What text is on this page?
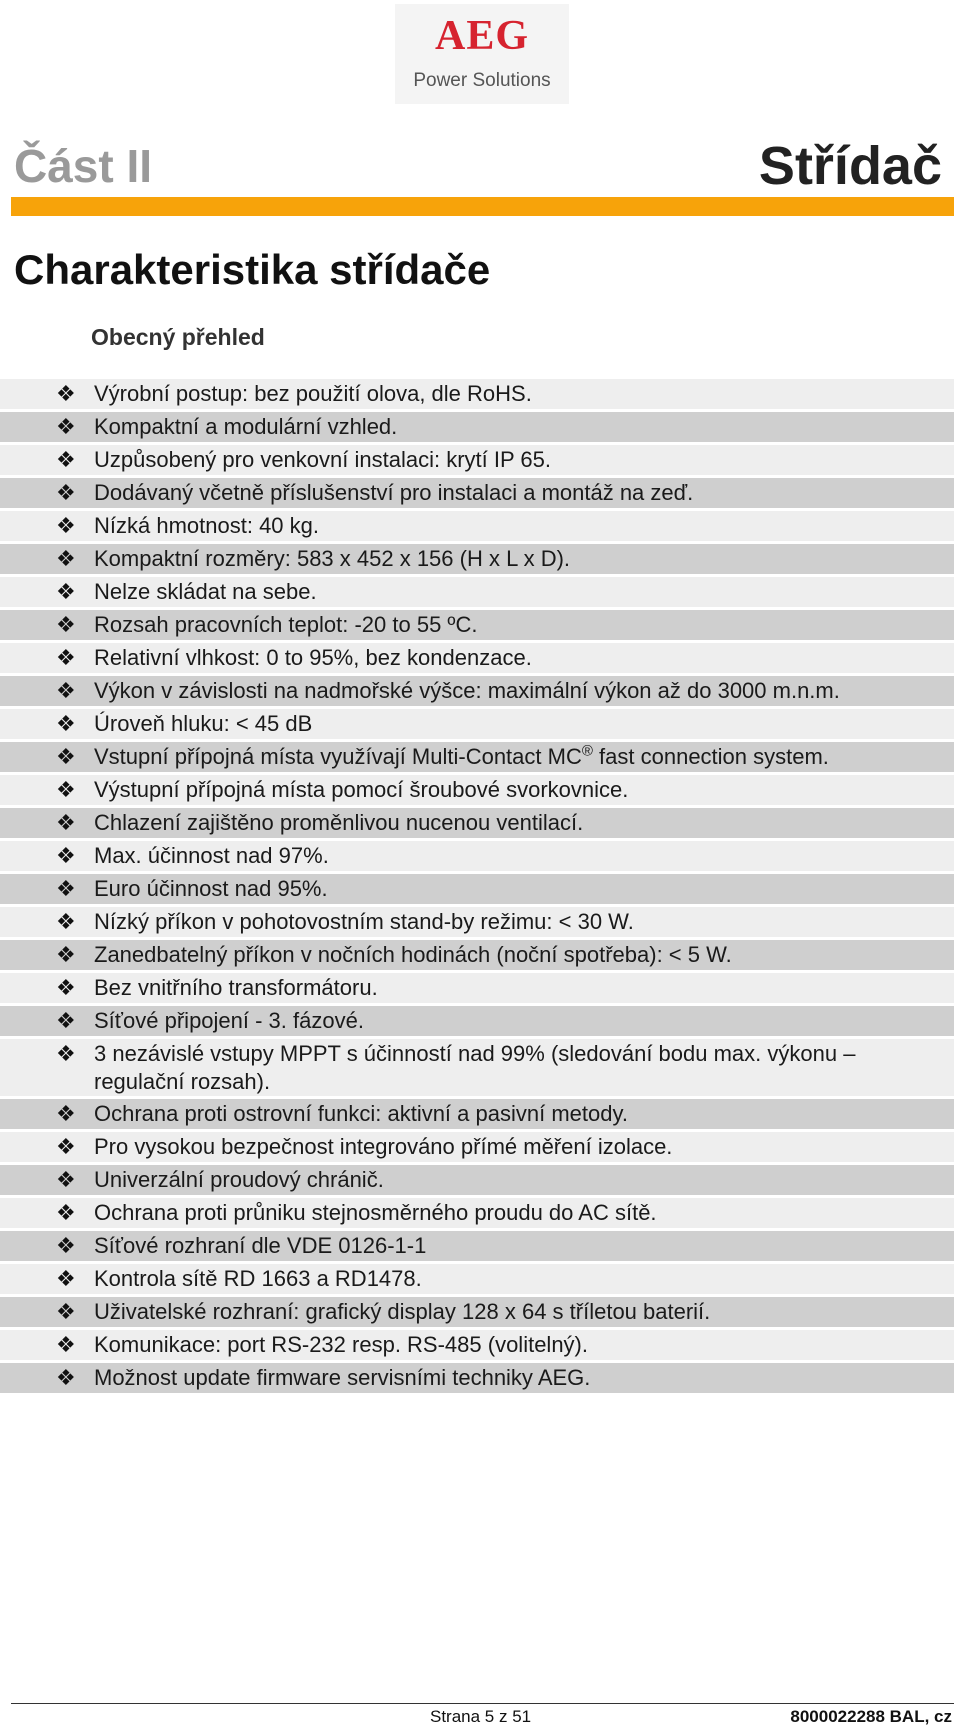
AEG
Power Solutions
Část II	Střídač
Charakteristika střídače
Obecný přehled
❖ Výrobní postup: bez použití olova, dle RoHS.
❖ Kompaktní a modulární vzhled.
❖ Uzpůsobený pro venkovní instalaci: krytí IP 65.
❖ Dodávaný včetně příslušenství pro instalaci a montáž na zeď.
❖ Nízká hmotnost: 40 kg.
❖ Kompaktní rozměry: 583 x 452 x 156 (H x L x D).
❖ Nelze skládat na sebe.
❖ Rozsah pracovních teplot: -20 to 55 ºC.
❖ Relativní vlhkost: 0 to 95%, bez kondenzace.
❖ Výkon v závislosti na nadmořské výšce: maximální výkon až do 3000 m.n.m.
❖ Úroveň hluku: < 45 dB
❖ Vstupní přípojná místa využívají Multi-Contact MC® fast connection system.
❖ Výstupní přípojná místa pomocí šroubové svorkovnice.
❖ Chlazení zajištěno proměnlivou nucenou ventilací.
❖ Max. účinnost nad 97%.
❖ Euro účinnost nad 95%.
❖ Nízký příkon v pohotovostním stand-by režimu: < 30 W.
❖ Zanedbatelný příkon v nočních hodinách (noční spotřeba): < 5 W.
❖ Bez vnitřního transformátoru.
❖ Síťové připojení - 3. fázové.
❖ 3 nezávislé vstupy MPPT s účinností nad 99% (sledování bodu max. výkonu – regulační rozsah).
❖ Ochrana proti ostrovní funkci: aktivní a pasivní metody.
❖ Pro vysokou bezpečnost integrováno přímé měření izolace.
❖ Univerzální proudový chránič.
❖ Ochrana proti průniku stejnosměrného proudu do AC sítě.
❖ Síťové rozhraní dle VDE 0126-1-1
❖ Kontrola sítě RD 1663 a RD1478.
❖ Uživatelské rozhraní: grafický display 128 x 64 s tříletou baterií.
❖ Komunikace: port RS-232 resp. RS-485 (volitelný).
❖ Možnost update firmware servisními techniky AEG.
Strana 5 z 51	8000022288 BAL, cz
